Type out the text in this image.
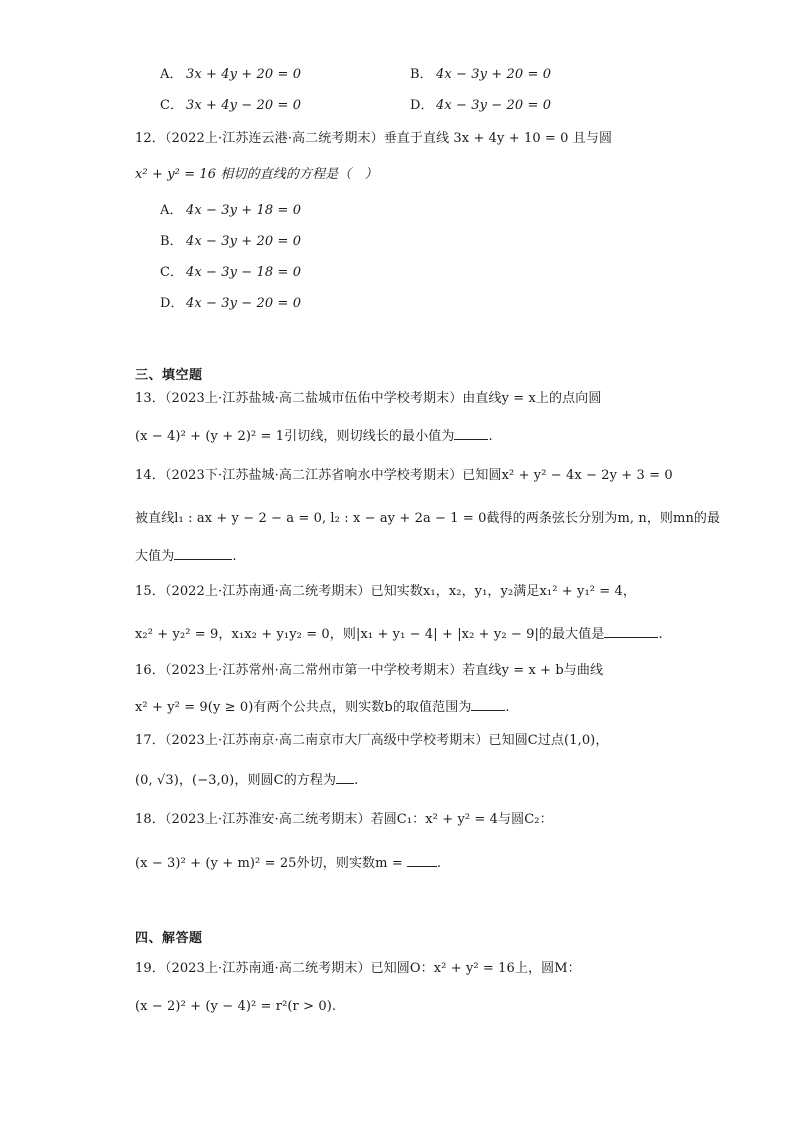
A． 3x + 4y + 20 = 0	B． 4x − 3y + 20 = 0
C． 3x + 4y − 20 = 0	D． 4x − 3y − 20 = 0
12．（2022上·江苏连云港·高二统考期末）垂直于直线 3x + 4y + 10 = 0 且与圆
x² + y² = 16 相切的直线的方程是（　）
A． 4x − 3y + 18 = 0
B． 4x − 3y + 20 = 0
C． 4x − 3y − 18 = 0
D． 4x − 3y − 20 = 0
三、填空题
13．（2023上·江苏盐城·高二盐城市伍佑中学校考期末）由直线y = x上的点向圆
(x − 4)² + (y + 2)² = 1引切线，则切线长的最小值为	.
14．（2023下·江苏盐城·高二江苏省响水中学校考期末）已知圆x² + y² − 4x − 2y + 3 = 0
被直线l₁ : ax + y − 2 − a = 0, l₂ : x − ay + 2a − 1 = 0截得的两条弦长分别为m, n，则mn的最
大值为	.
15．（2022上·江苏南通·高二统考期末）已知实数x₁，x₂，y₁，y₂满足x₁² + y₁² = 4，
x₂² + y₂² = 9，x₁x₂ + y₁y₂ = 0，则|x₁ + y₁ − 4| + |x₂ + y₂ − 9|的最大值是	.
16．（2023上·江苏常州·高二常州市第一中学校考期末）若直线y = x + b与曲线
x² + y² = 9(y ≥ 0)有两个公共点，则实数b的取值范围为	.
17．（2023上·江苏南京·高二南京市大厂高级中学校考期末）已知圆C过点(1,0)，
(0, √3)，(−3,0)，则圆C的方程为 .
18．（2023上·江苏淮安·高二统考期末）若圆C₁：x² + y² = 4与圆C₂：
(x − 3)² + (y + m)² = 25外切，则实数m =	.
四、解答题
19．（2023上·江苏南通·高二统考期末）已知圆O：x² + y² = 16上，圆M：
(x − 2)² + (y − 4)² = r²(r > 0).
